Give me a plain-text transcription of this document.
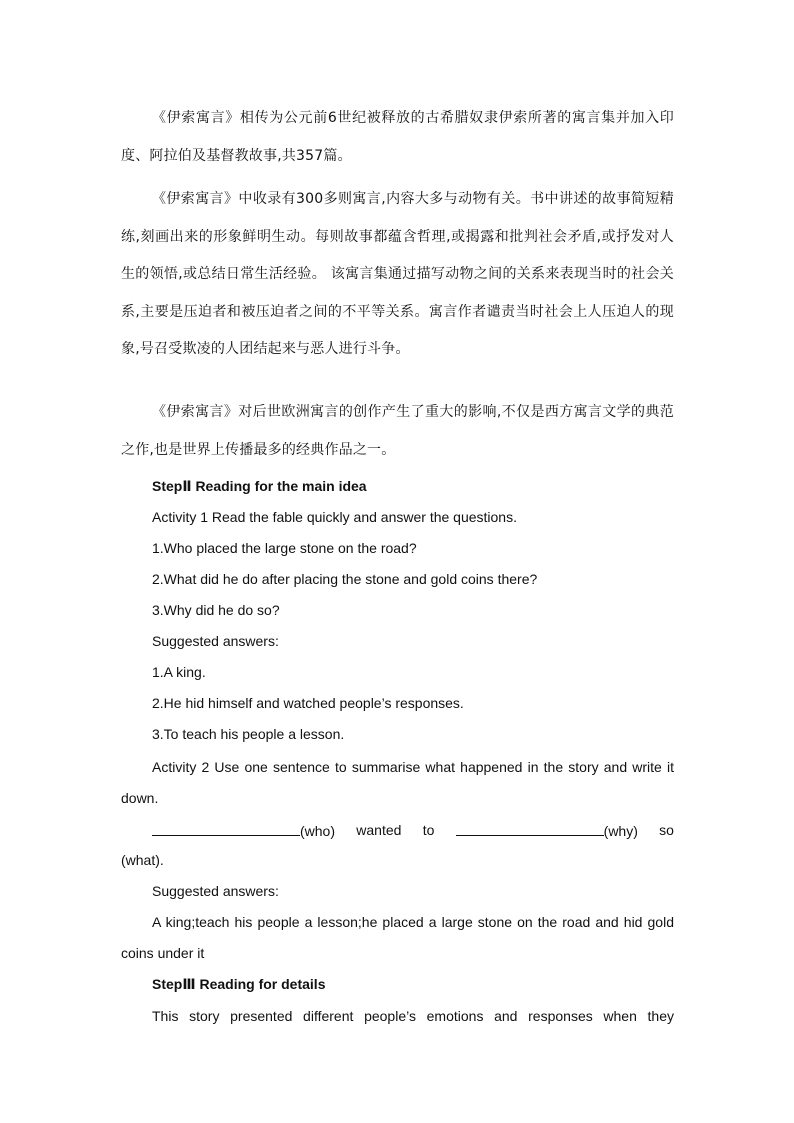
《伊索寓言》相传为公元前6世纪被释放的古希腊奴隶伊索所著的寓言集并加入印度、阿拉伯及基督教故事,共357篇。

《伊索寓言》中收录有300多则寓言,内容大多与动物有关。书中讲述的故事简短精练,刻画出来的形象鲜明生动。每则故事都蕴含哲理,或揭露和批判社会矛盾,或抒发对人生的领悟,或总结日常生活经验。 该寓言集通过描写动物之间的关系来表现当时的社会关系,主要是压迫者和被压迫者之间的不平等关系。寓言作者谴责当时社会上人压迫人的现象,号召受欺凌的人团结起来与恶人进行斗争。

《伊索寓言》对后世欧洲寓言的创作产生了重大的影响,不仅是西方寓言文学的典范之作,也是世界上传播最多的经典作品之一。

StepⅡ Reading for the main idea
Activity 1 Read the fable quickly and answer the questions.
1.Who placed the large stone on the road?
2.What did he do after placing the stone and gold coins there?
3.Why did he do so?
Suggested answers:
1.A king.
2.He hid himself and watched people’s responses.
3.To teach his people a lesson.

Activity 2 Use one sentence to summarise what happened in the story and write it down.

(who) wanted to	(why) so
(what).
Suggested answers:

A king;teach his people a lesson;he placed a large stone on the road and hid gold coins under it

StepⅢ Reading for details

This story presented different people’s emotions and responses when they
